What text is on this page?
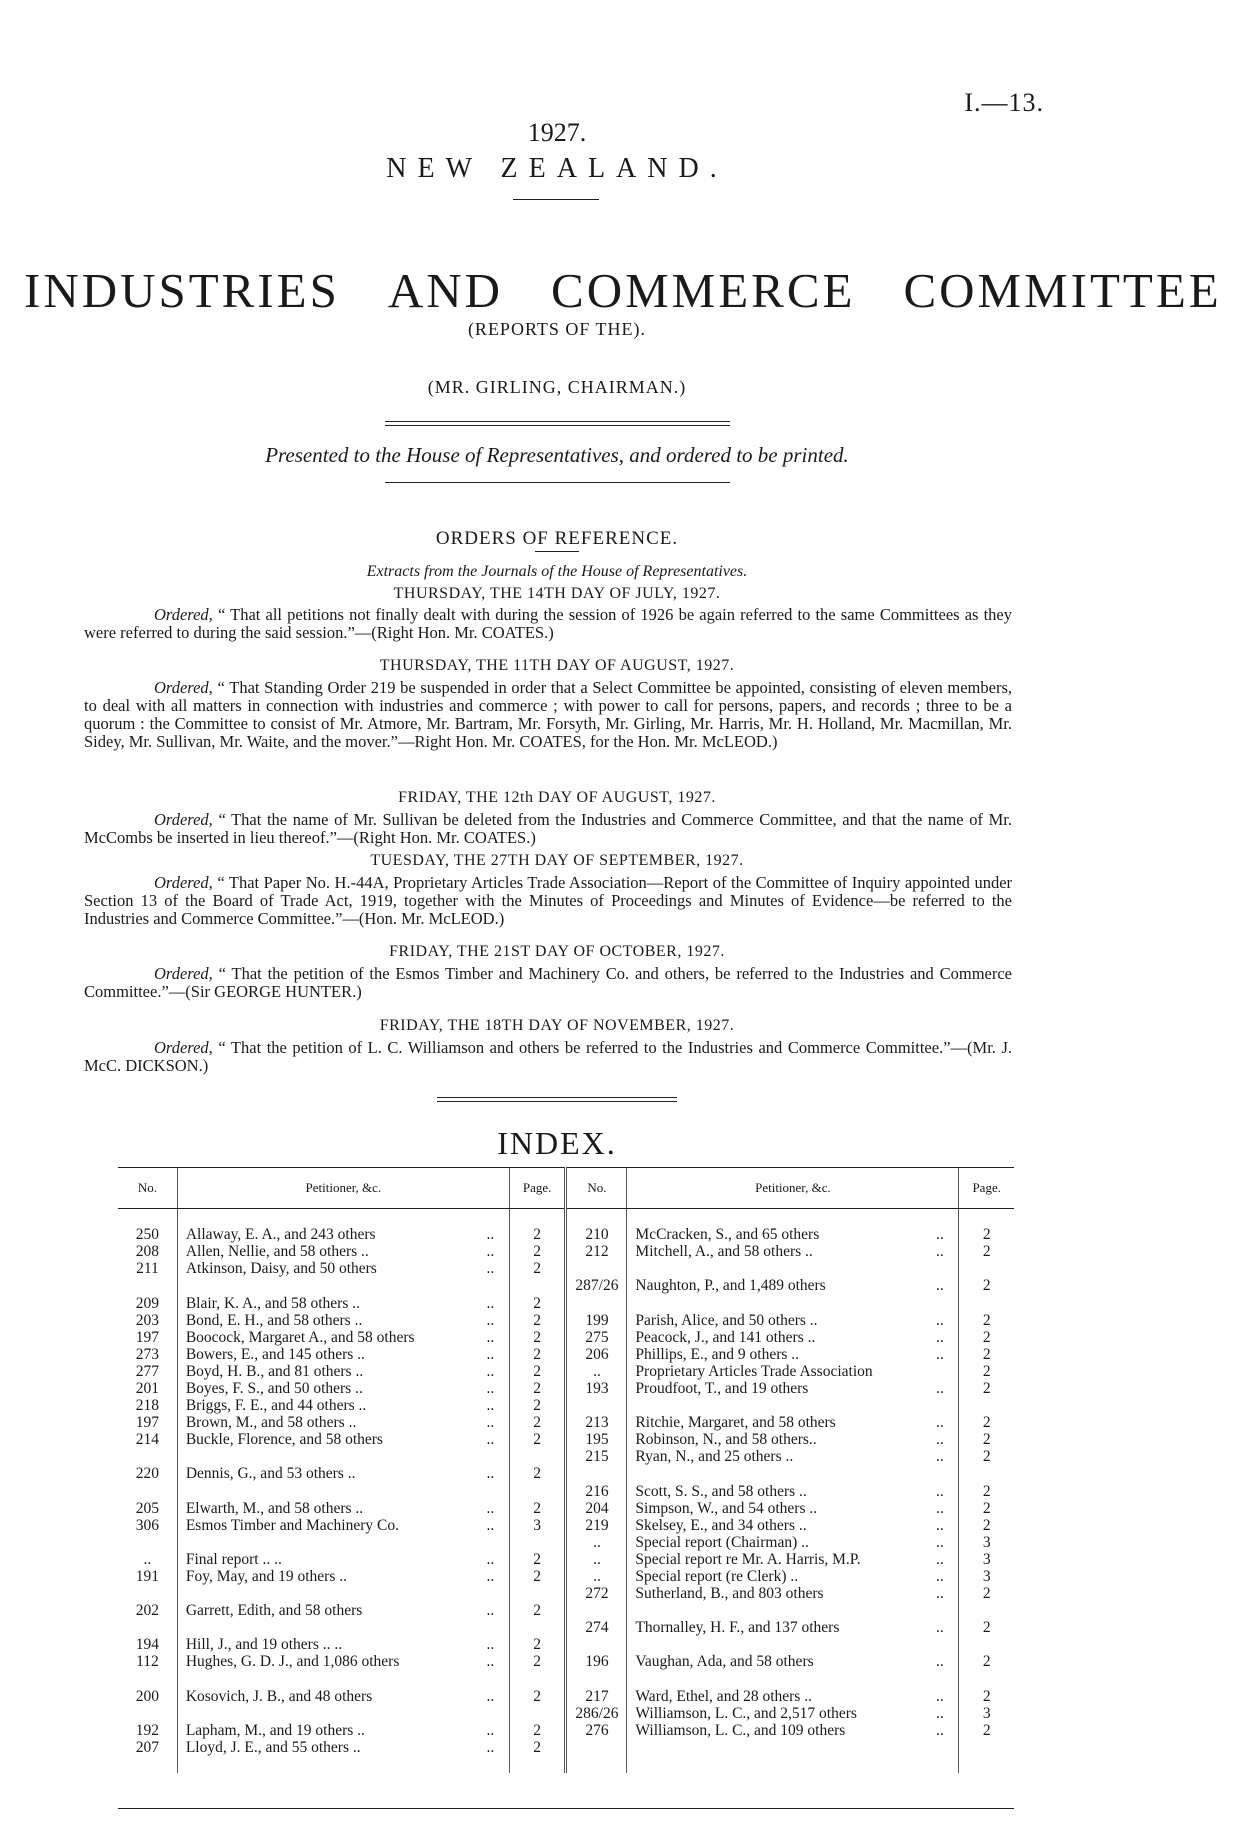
I.—13.
1927.
NEW ZEALAND.
INDUSTRIES AND COMMERCE COMMITTEE
(REPORTS OF THE).
(MR. GIRLING, CHAIRMAN.)
Presented to the House of Representatives, and ordered to be printed.
ORDERS OF REFERENCE.
Extracts from the Journals of the House of Representatives.
THURSDAY, THE 14TH DAY OF JULY, 1927.
Ordered, “ That all petitions not finally dealt with during the session of 1926 be again referred to the same Committees as they were referred to during the said session.”—(Right Hon. Mr. COATES.)
THURSDAY, THE 11TH DAY OF AUGUST, 1927.
Ordered, “ That Standing Order 219 be suspended in order that a Select Committee be appointed, consisting of eleven members, to deal with all matters in connection with industries and commerce ; with power to call for persons, papers, and records ; three to be a quorum : the Committee to consist of Mr. Atmore, Mr. Bartram, Mr. Forsyth, Mr. Girling, Mr. Harris, Mr. H. Holland, Mr. Macmillan, Mr. Sidey, Mr. Sullivan, Mr. Waite, and the mover.”—Right Hon. Mr. COATES, for the Hon. Mr. McLEOD.)
FRIDAY, THE 12th DAY OF AUGUST, 1927.
Ordered, “ That the name of Mr. Sullivan be deleted from the Industries and Commerce Committee, and that the name of Mr. McCombs be inserted in lieu thereof.”—(Right Hon. Mr. COATES.)
TUESDAY, THE 27TH DAY OF SEPTEMBER, 1927.
Ordered, “ That Paper No. H.-44A, Proprietary Articles Trade Association—Report of the Committee of Inquiry appointed under Section 13 of the Board of Trade Act, 1919, together with the Minutes of Proceedings and Minutes of Evidence—be referred to the Industries and Commerce Committee.”—(Hon. Mr. McLEOD.)
FRIDAY, THE 21ST DAY OF OCTOBER, 1927.
Ordered, “ That the petition of the Esmos Timber and Machinery Co. and others, be referred to the Industries and Commerce Committee.”—(Sir GEORGE HUNTER.)
FRIDAY, THE 18TH DAY OF NOVEMBER, 1927.
Ordered, “ That the petition of L. C. Williamson and others be referred to the Industries and Commerce Committee.”—(Mr. J. McC. DICKSON.)
INDEX.
No.	Petitioner, &c.		Page.	No.	Petitioner, &c.		Page.

250	Allaway, E. A., and 243 others	..	2	210	McCracken, S., and 65 others	..	2
208	Allen, Nellie, and 58 others ..	..	2	212	Mitchell, A., and 58 others ..	..	2
211	Atkinson, Daisy, and 50 others	..	2				
				287/26	Naughton, P., and 1,489 others	..	2
209	Blair, K. A., and 58 others ..	..	2				
203	Bond, E. H., and 58 others ..	..	2	199	Parish, Alice, and 50 others ..	..	2
197	Boocock, Margaret A., and 58 others	..	2	275	Peacock, J., and 141 others ..	..	2
273	Bowers, E., and 145 others ..	..	2	206	Phillips, E., and 9 others ..	..	2
277	Boyd, H. B., and 81 others ..	..	2	..	Proprietary Articles Trade Association		2
201	Boyes, F. S., and 50 others ..	..	2	193	Proudfoot, T., and 19 others	..	2
218	Briggs, F. E., and 44 others ..	..	2				
197	Brown, M., and 58 others ..	..	2	213	Ritchie, Margaret, and 58 others	..	2
214	Buckle, Florence, and 58 others	..	2	195	Robinson, N., and 58 others..	..	2
				215	Ryan, N., and 25 others ..	..	2
220	Dennis, G., and 53 others ..	..	2				
				216	Scott, S. S., and 58 others ..	..	2
205	Elwarth, M., and 58 others ..	..	2	204	Simpson, W., and 54 others ..	..	2
306	Esmos Timber and Machinery Co.	..	3	219	Skelsey, E., and 34 others ..	..	2
				..	Special report (Chairman) ..	..	3
..	Final report .. ..	..	2	..	Special report re Mr. A. Harris, M.P.	..	3
191	Foy, May, and 19 others ..	..	2	..	Special report (re Clerk) ..	..	3
				272	Sutherland, B., and 803 others	..	2
202	Garrett, Edith, and 58 others	..	2				
				274	Thornalley, H. F., and 137 others	..	2
194	Hill, J., and 19 others .. ..	..	2				
112	Hughes, G. D. J., and 1,086 others	..	2	196	Vaughan, Ada, and 58 others	..	2

200	Kosovich, J. B., and 48 others	..	2	217	Ward, Ethel, and 28 others ..	..	2
				286/26	Williamson, L. C., and 2,517 others	..	3
192	Lapham, M., and 19 others ..	..	2	276	Williamson, L. C., and 109 others	..	2
207	Lloyd, J. E., and 55 others ..	..	2				
